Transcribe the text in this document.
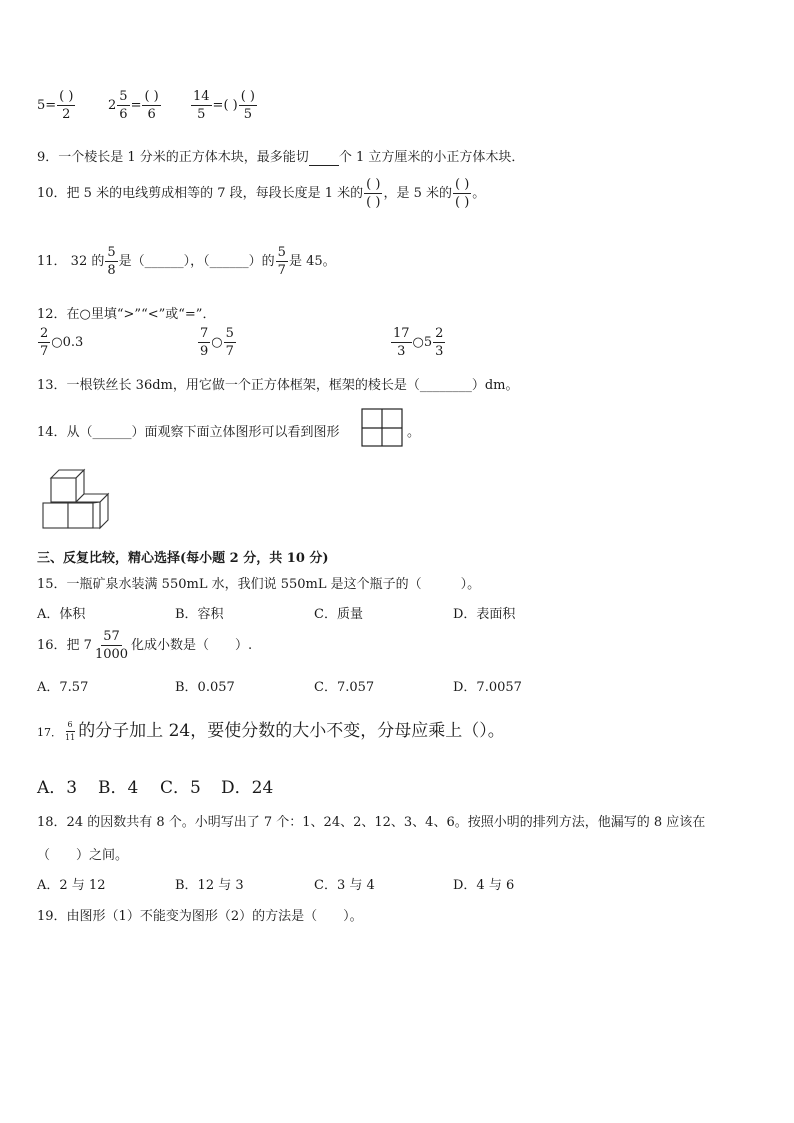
$5= \frac{( )}{2}$	$2 \frac{5}{6} = \frac{( )}{6} \frac{14}{5}$ =( ) $\frac{( )}{5}$
9．一个棱长是 1 分米的正方体木块，最多能切 个 1 立方厘米的小正方体木块．
10．把 5 米的电线剪成相等的 7 段，每段长度是 1 米的 $\frac{( )}{( )}$ ，是 5 米的 $\frac{( )}{( )}$ 。
11． 32 的 $\frac{5}{8}$ 是（______），（______）的 $\frac{5}{7}$ 是 45。
12．在○里填“>”“<”或“=”．
$\frac{2}{7}$ ○0.3	$\frac{7}{9}$ ○ $\frac{5}{7}$	$\frac{17}{3}$ ○5 $\frac{2}{3}$
13．一根铁丝长 36dm，用它做一个正方体框架，框架的棱长是（________）dm。
14．从（______）面观察下面立体图形可以看到图形	。
三、反复比较，精心选择(每小题 2 分，共 10 分)
15．一瓶矿泉水装满 550mL 水，我们说 550mL 是这个瓶子的（　　　）。
A．体积	B．容积	C．质量	D．表面积
16．把 $7 \frac{57}{1000}$ 化成小数是（　　）.
A．7.57	B．0.057	C．7.057	D．7.0057
17． $\frac{6}{11}$ 的分子加上 24，要使分数的大小不变，分母应乘上（）。
A．3 B．4 C．5 D．24
18．24 的因数共有 8 个。小明写出了 7 个：1、24、2、12、3、4、6。按照小明的排列方法，他漏写的 8 应该在
（　　）之间。
A．2 与 12	B．12 与 3	C．3 与 4	D．4 与 6
19．由图形（1）不能变为图形（2）的方法是（　　）。
